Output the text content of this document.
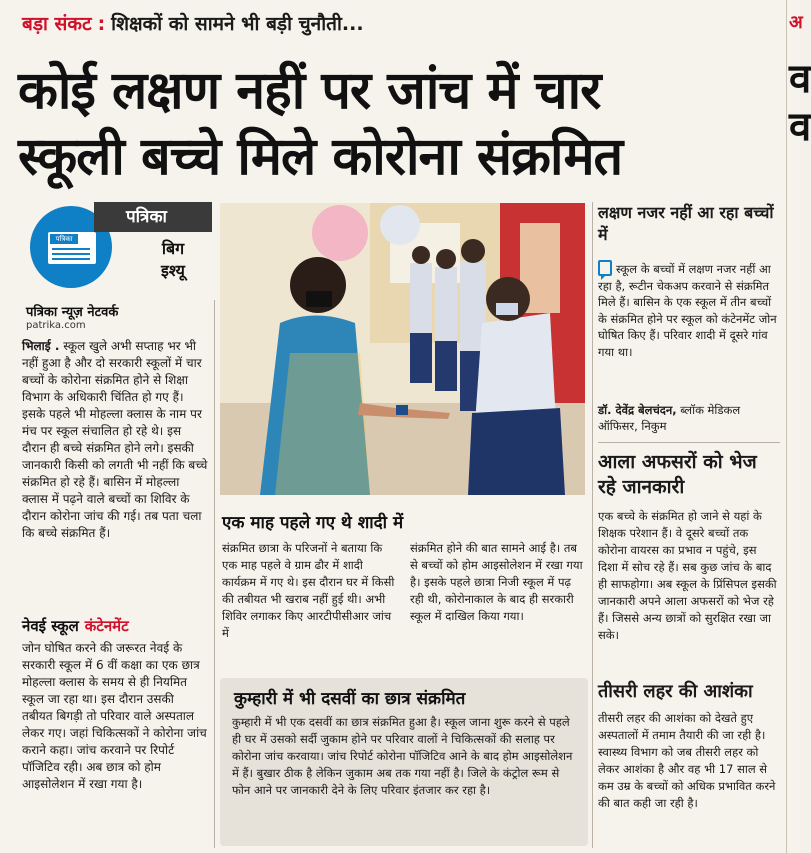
बड़ा संकट : शिक्षकों को सामने भी बड़ी चुनौती...
कोई लक्षण नहीं पर जांच में चार
स्कूली बच्चे मिले कोरोना संक्रमित
अ
व
व
पत्रिका
पत्रिका
बिग
इश्यू
पत्रिका न्यूज़ नेटवर्क
patrika.com
भिलाई . स्कूल खुले अभी सप्ताह भर भी नहीं हुआ है और दो सरकारी स्कूलों में चार बच्चों के कोरोना संक्रमित होने से शिक्षा विभाग के अधिकारी चिंतित हो गए हैं। इसके पहले भी मोहल्ला क्लास के नाम पर मंच पर स्कूल संचालित हो रहे थे। इस दौरान ही बच्चे संक्रमित होने लगे। इसकी जानकारी किसी को लगती भी नहीं कि बच्चे संक्रमित हो रहे हैं। बासिन में मोहल्ला क्लास में पढ़ने वाले बच्चों का शिविर के दौरान कोरोना जांच की गई। तब पता चला कि बच्चे संक्रमित हैं।
नेवई स्कूल कंटेनमेंट
जोन घोषित करने की जरूरत नेवई के सरकारी स्कूल में 6 वीं कक्षा का एक छात्र मोहल्ला क्लास के समय से ही नियमित स्कूल जा रहा था। इस दौरान उसकी तबीयत बिगड़ी तो परिवार वाले अस्पताल लेकर गए। जहां चिकित्सकों ने कोरोना जांच कराने कहा। जांच करवाने पर रिपोर्ट पॉजिटिव रही। अब छात्र को होम आइसोलेशन में रखा गया है।
एक माह पहले गए थे शादी में
संक्रमित छात्रा के परिजनों ने बताया कि एक माह पहले वे ग्राम ढौर में शादी कार्यक्रम में गए थे। इस दौरान घर में किसी की तबीयत भी खराब नहीं हुई थी। अभी शिविर लगाकर किए आरटीपीसीआर जांच में
संक्रमित होने की बात सामने आई है। तब से बच्चों को होम आइसोलेशन में रखा गया है। इसके पहले छात्रा निजी स्कूल में पढ़ रही थी, कोरोनाकाल के बाद ही सरकारी स्कूल में दाखिल किया गया।
कुम्हारी में भी दसवीं का छात्र संक्रमित
कुम्हारी में भी एक दसवीं का छात्र संक्रमित हुआ है। स्कूल जाना शुरू करने से पहले ही घर में उसको सर्दी जुकाम होने पर परिवार वालों ने चिकित्सकों की सलाह पर कोरोना जांच करवाया। जांच रिपोर्ट कोरोना पॉजिटिव आने के बाद होम आइसोलेशन में हैं। बुखार ठीक है लेकिन जुकाम अब तक गया नहीं है। जिले के कंट्रोल रूम से फोन आने पर जानकारी देने के लिए परिवार इंतजार कर रहा है।
लक्षण नजर नहीं आ रहा बच्चों में
स्कूल के बच्चों में लक्षण नजर नहीं आ रहा है, रूटीन चेकअप करवाने से संक्रमित मिले हैं। बासिन के एक स्कूल में तीन बच्चों के संक्रमित होने पर स्कूल को कंटेनमेंट जोन घोषित किए हैं। परिवार शादी में दूसरे गांव गया था।
डॉ. देवेंद्र बेलचंदन, ब्लॉक मेडिकल ऑफिसर, निकुम
आला अफसरों को भेज रहे जानकारी
एक बच्चे के संक्रमित हो जाने से यहां के शिक्षक परेशान हैं। वे दूसरे बच्चों तक कोरोना वायरस का प्रभाव न पहुंचे, इस दिशा में सोच रहे हैं। सब कुछ जांच के बाद ही साफहोगा। अब स्कूल के प्रिंसिपल इसकी जानकारी अपने आला अफसरों को भेज रहे हैं। जिससे अन्य छात्रों को सुरक्षित रखा जा सके।
तीसरी लहर की आशंका
तीसरी लहर की आशंका को देखते हुए अस्पतालों में तमाम तैयारी की जा रही है। स्वास्थ्य विभाग को जब तीसरी लहर को लेकर आशंका है और वह भी 17 साल से कम उम्र के बच्चों को अधिक प्रभावित करने की बात कही जा रही है।
